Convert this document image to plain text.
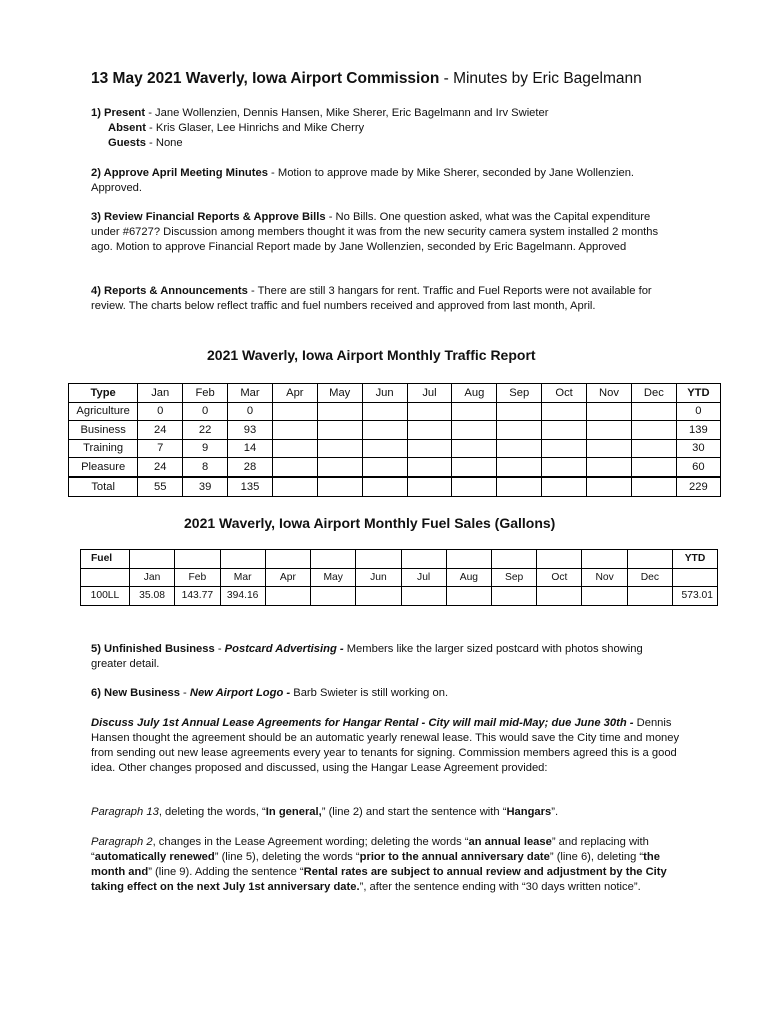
13 May 2021 Waverly, Iowa Airport Commission - Minutes by Eric Bagelmann
1) Present - Jane Wollenzien, Dennis Hansen, Mike Sherer, Eric Bagelmann and Irv Swieter
Absent - Kris Glaser, Lee Hinrichs and Mike Cherry
Guests - None
2) Approve April Meeting Minutes - Motion to approve made by Mike Sherer, seconded by Jane Wollenzien. Approved.
3) Review Financial Reports & Approve Bills - No Bills. One question asked, what was the Capital expenditure under #6727? Discussion among members thought it was from the new security camera system installed 2 months ago. Motion to approve Financial Report made by Jane Wollenzien, seconded by Eric Bagelmann. Approved
4) Reports & Announcements - There are still 3 hangars for rent. Traffic and Fuel Reports were not available for review. The charts below reflect traffic and fuel numbers received and approved from last month, April.
2021 Waverly, Iowa Airport Monthly Traffic Report
Type	Jan	Feb	Mar	Apr	May	Jun	Jul	Aug	Sep	Oct	Nov	Dec	YTD
Agriculture	0	0	0										0
Business	24	22	93										139
Training	7	9	14										30
Pleasure	24	8	28										60
Total	55	39	135										229
2021 Waverly, Iowa Airport Monthly Fuel Sales (Gallons)
Fuel													YTD
	Jan	Feb	Mar	Apr	May	Jun	Jul	Aug	Sep	Oct	Nov	Dec	
100LL	35.08	143.77	394.16										573.01
5) Unfinished Business - Postcard Advertising - Members like the larger sized postcard with photos showing greater detail.
6) New Business - New Airport Logo - Barb Swieter is still working on.
Discuss July 1st Annual Lease Agreements for Hangar Rental - City will mail mid-May; due June 30th - Dennis Hansen thought the agreement should be an automatic yearly renewal lease. This would save the City time and money from sending out new lease agreements every year to tenants for signing. Commission members agreed this is a good idea. Other changes proposed and discussed, using the Hangar Lease Agreement provided:
Paragraph 13, deleting the words, “In general,” (line 2) and start the sentence with “Hangars”.
Paragraph 2, changes in the Lease Agreement wording; deleting the words “an annual lease” and replacing with “automatically renewed” (line 5), deleting the words “prior to the annual anniversary date” (line 6), deleting “the month and” (line 9). Adding the sentence “Rental rates are subject to annual review and adjustment by the City taking effect on the next July 1st anniversary date.”, after the sentence ending with “30 days written notice”.
